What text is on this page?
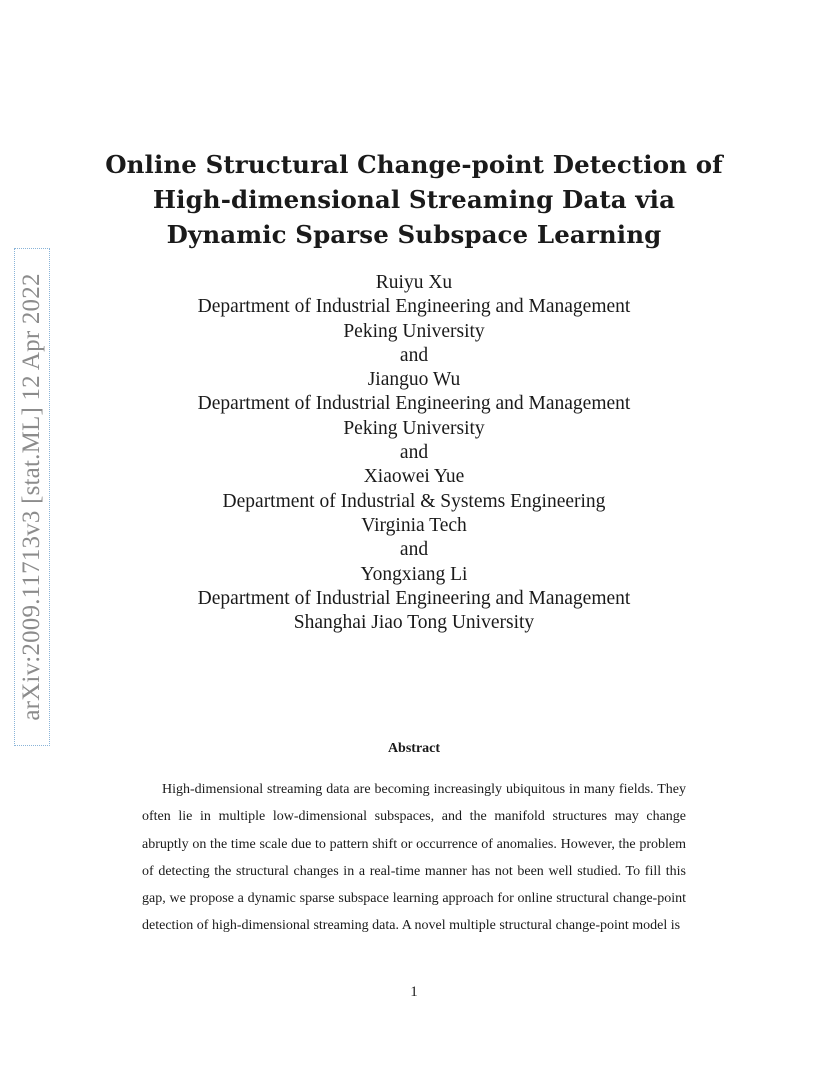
arXiv:2009.11713v3 [stat.ML] 12 Apr 2022
Online Structural Change-point Detection of
High-dimensional Streaming Data via
Dynamic Sparse Subspace Learning
Ruiyu Xu
Department of Industrial Engineering and Management
Peking University
and
Jianguo Wu
Department of Industrial Engineering and Management
Peking University
and
Xiaowei Yue
Department of Industrial & Systems Engineering
Virginia Tech
and
Yongxiang Li
Department of Industrial Engineering and Management
Shanghai Jiao Tong University
Abstract

High-dimensional streaming data are becoming increasingly ubiquitous in many fields. They often lie in multiple low-dimensional subspaces, and the manifold structures may change abruptly on the time scale due to pattern shift or occurrence of anomalies. However, the problem of detecting the structural changes in a real-time manner has not been well studied. To fill this gap, we propose a dynamic sparse subspace learning approach for online structural change-point detection of high-dimensional streaming data. A novel multiple structural change-point model is

1
